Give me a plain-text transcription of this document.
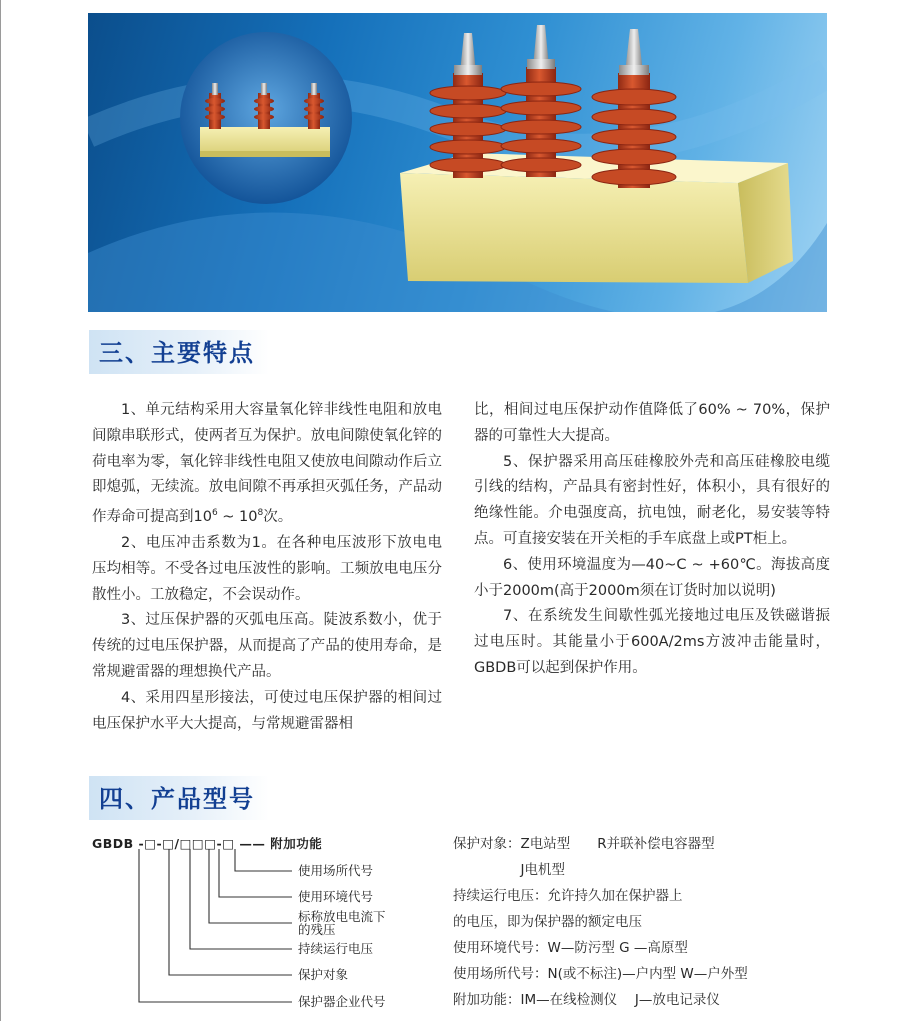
三、主要特点

1、单元结构采用大容量氧化锌非线性电阻和放电间隙串联形式，使两者互为保护。放电间隙使氧化锌的荷电率为零，氧化锌非线性电阻又使放电间隙动作后立即熄弧，无续流。放电间隙不再承担灭弧任务，产品动作寿命可提高到$10^6$ ~ $10^8$次。

2、电压冲击系数为1。在各种电压波形下放电电压均相等。不受各过电压波性的影响。工频放电电压分散性小。工放稳定，不会误动作。

3、过压保护器的灭弧电压高。陡波系数小，优于传统的过电压保护器，从而提高了产品的使用寿命，是常规避雷器的理想换代产品。

4、采用四星形接法，可使过电压保护器的相间过电压保护水平大大提高，与常规避雷器相

比，相间过电压保护动作值降低了60% ~ 70%，保护器的可靠性大大提高。

5、保护器采用高压硅橡胶外壳和高压硅橡胶电缆引线的结构，产品具有密封性好，体积小，具有很好的绝缘性能。介电强度高，抗电蚀，耐老化，易安装等特点。可直接安装在开关柜的手车底盘上或PT柜上。

6、使用环境温度为—40~C ~ +60℃。海拔高度小于2000m(高于2000m须在订货时加以说明)

7、在系统发生间歇性弧光接地过电压及铁磁谐振过电压时。其能量小于600A/2ms方波冲击能量时，GBDB可以起到保护作用。

四、产品型号
GBDB -□-□/□□□-□ —— 附加功能
使用场所代号
使用环境代号
标称放电电流下
的残压
持续运行电压
保护对象
保护器企业代号
保护对象：Z电站型　　R并联补偿电容器型
　　　　　J电机型
持续运行电压：允许持久加在保护器上
的电压，即为保护器的额定电压
使用环境代号：W—防污型 G —高原型
使用场所代号：N(或不标注)—户内型 W—户外型
附加功能：IM—在线检测仪　 J—放电记录仪
